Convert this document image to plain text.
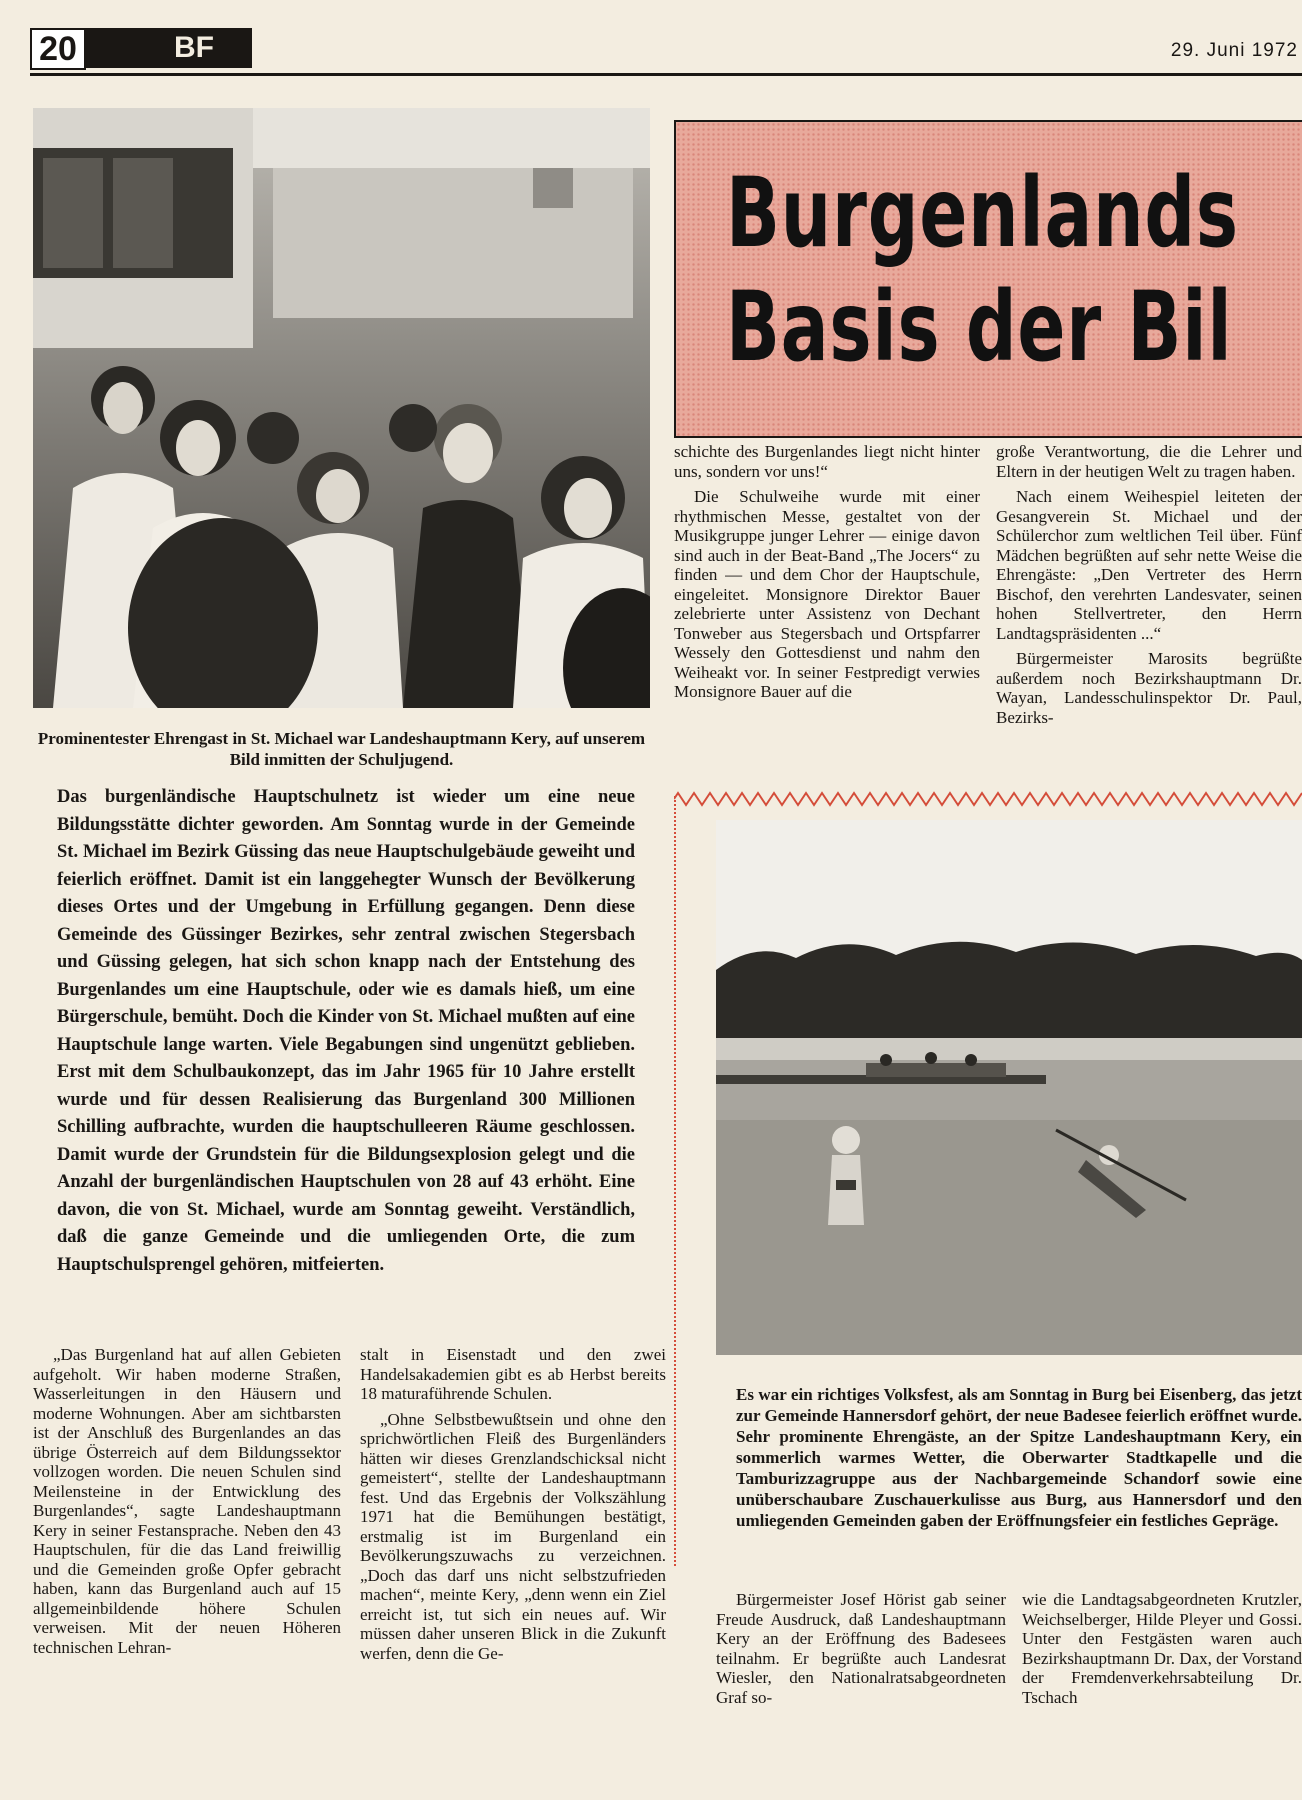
20	BF	29. Juni 1972
Prominentester Ehrengast in St. Michael war Landeshauptmann Kery, auf unserem Bild inmitten der Schuljugend.
Burgenlands
Basis der Bil
Das burgenländische Hauptschulnetz ist wieder um eine neue Bildungsstätte dichter geworden. Am Sonntag wurde in der Gemeinde St. Michael im Bezirk Güssing das neue Hauptschulgebäude geweiht und feierlich eröffnet. Damit ist ein langgehegter Wunsch der Bevölkerung dieses Ortes und der Umgebung in Erfüllung gegangen. Denn diese Gemeinde des Güssinger Bezirkes, sehr zentral zwischen Stegersbach und Güssing gelegen, hat sich schon knapp nach der Entstehung des Burgenlandes um eine Hauptschule, oder wie es damals hieß, um eine Bürgerschule, bemüht. Doch die Kinder von St. Michael mußten auf eine Hauptschule lange warten. Viele Begabungen sind ungenützt geblieben. Erst mit dem Schulbaukonzept, das im Jahr 1965 für 10 Jahre erstellt wurde und für dessen Realisierung das Burgenland 300 Millionen Schilling aufbrachte, wurden die hauptschulleeren Räume geschlossen. Damit wurde der Grundstein für die Bildungsexplosion gelegt und die Anzahl der burgenländischen Hauptschulen von 28 auf 43 erhöht. Eine davon, die von St. Michael, wurde am Sonntag geweiht. Verständlich, daß die ganze Gemeinde und die umliegenden Orte, die zum Hauptschulsprengel gehören, mitfeierten.

„Das Burgenland hat auf allen Gebieten aufgeholt. Wir haben moderne Straßen, Wasserleitungen in den Häusern und moderne Wohnungen. Aber am sichtbarsten ist der Anschluß des Burgenlandes an das übrige Österreich auf dem Bildungssektor vollzogen worden. Die neuen Schulen sind Meilensteine in der Entwicklung des Burgenlandes“, sagte Landeshauptmann Kery in seiner Festansprache. Neben den 43 Hauptschulen, für die das Land freiwillig und die Gemeinden große Opfer gebracht haben, kann das Burgenland auch auf 15 allgemeinbildende höhere Schulen verweisen. Mit der neuen Höheren technischen Lehran-

stalt in Eisenstadt und den zwei Handelsakademien gibt es ab Herbst bereits 18 maturaführende Schulen.

„Ohne Selbstbewußtsein und ohne den sprichwörtlichen Fleiß des Burgenländers hätten wir dieses Grenzlandschicksal nicht gemeistert“, stellte der Landeshauptmann fest. Und das Ergebnis der Volkszählung 1971 hat die Bemühungen bestätigt, erstmalig ist im Burgenland ein Bevölkerungszuwachs zu verzeichnen. „Doch das darf uns nicht selbstzufrieden machen“, meinte Kery, „denn wenn ein Ziel erreicht ist, tut sich ein neues auf. Wir müssen daher unseren Blick in die Zukunft werfen, denn die Ge-

schichte des Burgenlandes liegt nicht hinter uns, sondern vor uns!“

Die Schulweihe wurde mit einer rhythmischen Messe, gestaltet von der Musikgruppe junger Lehrer — einige davon sind auch in der Beat-Band „The Jocers“ zu finden — und dem Chor der Hauptschule, eingeleitet. Monsignore Direktor Bauer zelebrierte unter Assistenz von Dechant Tonweber aus Stegersbach und Ortspfarrer Wessely den Gottesdienst und nahm den Weiheakt vor. In seiner Festpredigt verwies Monsignore Bauer auf die

große Verantwortung, die die Lehrer und Eltern in der heutigen Welt zu tragen haben.

Nach einem Weihespiel leiteten der Gesangverein St. Michael und der Schülerchor zum weltlichen Teil über. Fünf Mädchen begrüßten auf sehr nette Weise die Ehrengäste: „Den Vertreter des Herrn Bischof, den verehrten Landesvater, seinen hohen Stellvertreter, den Herrn Landtagspräsidenten ...“

Bürgermeister Marosits begrüßte außerdem noch Bezirkshauptmann Dr. Wayan, Landesschulinspektor Dr. Paul, Bezirks-

Es war ein richtiges Volksfest, als am Sonntag in Burg bei Eisenberg, das jetzt zur Gemeinde Hannersdorf gehört, der neue Badesee feierlich eröffnet wurde. Sehr prominente Ehrengäste, an der Spitze Landeshauptmann Kery, ein sommerlich warmes Wetter, die Oberwarter Stadtkapelle und die Tamburizzagruppe aus der Nachbargemeinde Schandorf sowie eine unüberschaubare Zuschauerkulisse aus Burg, aus Hannersdorf und den umliegenden Gemeinden gaben der Eröffnungsfeier ein festliches Gepräge.

Bürgermeister Josef Hörist gab seiner Freude Ausdruck, daß Landeshauptmann Kery an der Eröffnung des Badesees teilnahm. Er begrüßte auch Landesrat Wiesler, den Nationalratsabgeordneten Graf so-

wie die Landtagsabgeordneten Krutzler, Weichselberger, Hilde Pleyer und Gossi. Unter den Festgästen waren auch Bezirkshauptmann Dr. Dax, der Vorstand der Fremdenverkehrsabteilung Dr. Tschach
